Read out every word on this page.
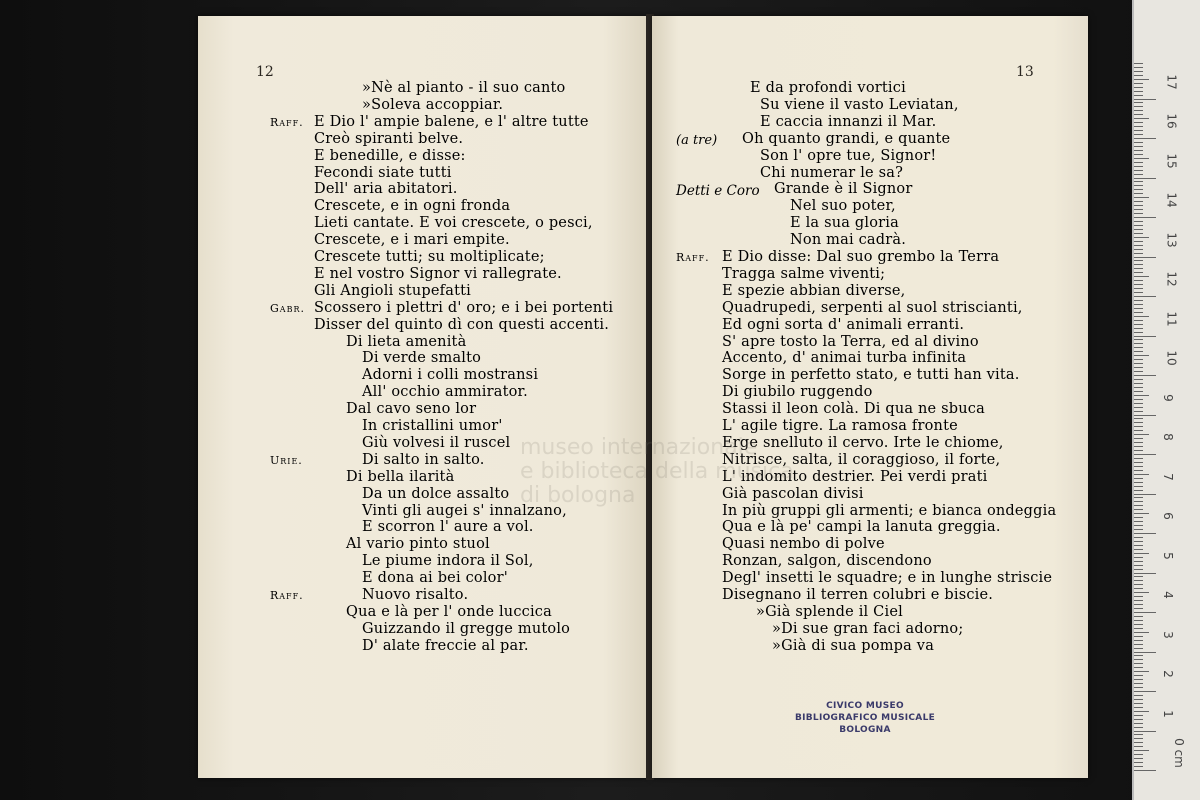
12	13
»Nè al pianto - il suo canto
»Soleva accoppiar.
E Dio l' ampie balene, e l' altre tutte
Creò spiranti belve.
E benedille, e disse:
Fecondi siate tutti
Dell' aria abitatori.
Crescete, e in ogni fronda
Lieti cantate. E voi crescete, o pesci,
Crescete, e i mari empite.
Crescete tutti; su moltiplicate;
E nel vostro Signor vi rallegrate.
Gli Angioli stupefatti
Scossero i plettri d' oro; e i bei portenti
Disser del quinto dì con questi accenti.
Di lieta amenità
Di verde smalto
Adorni i colli mostransi
All' occhio ammirator.
Dal cavo seno lor
In cristallini umor'
Giù volvesi il ruscel
Di salto in salto.
Di bella ilarità
Da un dolce assalto
Vinti gli augei s' innalzano,
E scorron l' aure a vol.
Al vario pinto stuol
Le piume indora il Sol,
E dona ai bei color'
Nuovo risalto.
Qua e là per l' onde luccica
Guizzando il gregge mutolo
D' alate freccie al par.
Raff.
Gabr.
Urie.
Raff.
E da profondi vortici
Su viene il vasto Leviatan,
E caccia innanzi il Mar.
Oh quanto grandi, e quante
Son l' opre tue, Signor!
Chi numerar le sa?
Grande è il Signor
Nel suo poter,
E la sua gloria
Non mai cadrà.
E Dio disse: Dal suo grembo la Terra
Tragga salme viventi;
E spezie abbian diverse,
Quadrupedi, serpenti al suol striscianti,
Ed ogni sorta d' animali erranti.
S' apre tosto la Terra, ed al divino
Accento, d' animai turba infinita
Sorge in perfetto stato, e tutti han vita.
Di giubilo ruggendo
Stassi il leon colà. Di qua ne sbuca
L' agile tigre. La ramosa fronte
Erge snelluto il cervo. Irte le chiome,
Nitrisce, salta, il coraggioso, il forte,
L' indomito destrier. Pei verdi prati
Già pascolan divisi
In più gruppi gli armenti; e bianca ondeggia
Qua e là pe' campi la lanuta greggia.
Quasi nembo di polve
Ronzan, salgon, discendono
Degl' insetti le squadre; e in lunghe striscie
Disegnano il terren colubri e biscie.
»Già splende il Ciel
»Di sue gran faci adorno;
»Già di sua pompa va
(a tre)
Detti e Coro
Raff.
museo internazionale
e biblioteca della musica
di bologna
CIVICO MUSEO
BIBLIOGRAFICO MUSICALE
BOLOGNA
0 cm
1
2
3
4
5
6
7
8
9
10
11
12
13
14
15
16
17
